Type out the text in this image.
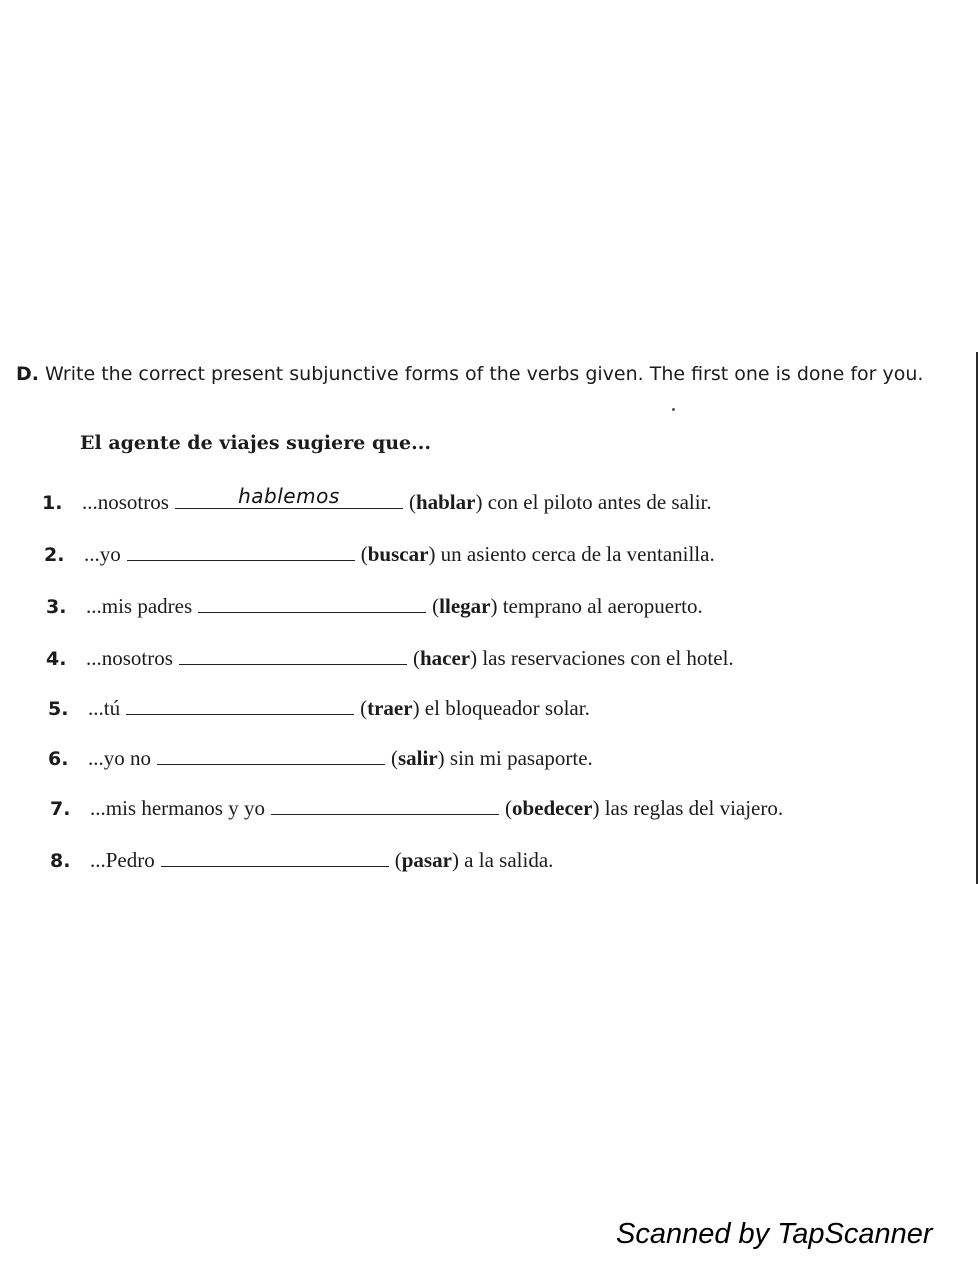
D. Write the correct present subjunctive forms of the verbs given. The first one is done for you.
El agente de viajes sugiere que...
1. ...nosotros	hablemos	( hablar ) con el piloto antes de salir.
2. ...yo	( buscar ) un asiento cerca de la ventanilla.
3. ...mis padres	( llegar ) temprano al aeropuerto.
4. ...nosotros	( hacer ) las reservaciones con el hotel.
5. ...tú	( traer ) el bloqueador solar.
6. ...yo no	( salir ) sin mi pasaporte.
7. ...mis hermanos y yo	( obedecer ) las reglas del viajero.
8. ...Pedro	( pasar ) a la salida.
Scanned by TapScanner
